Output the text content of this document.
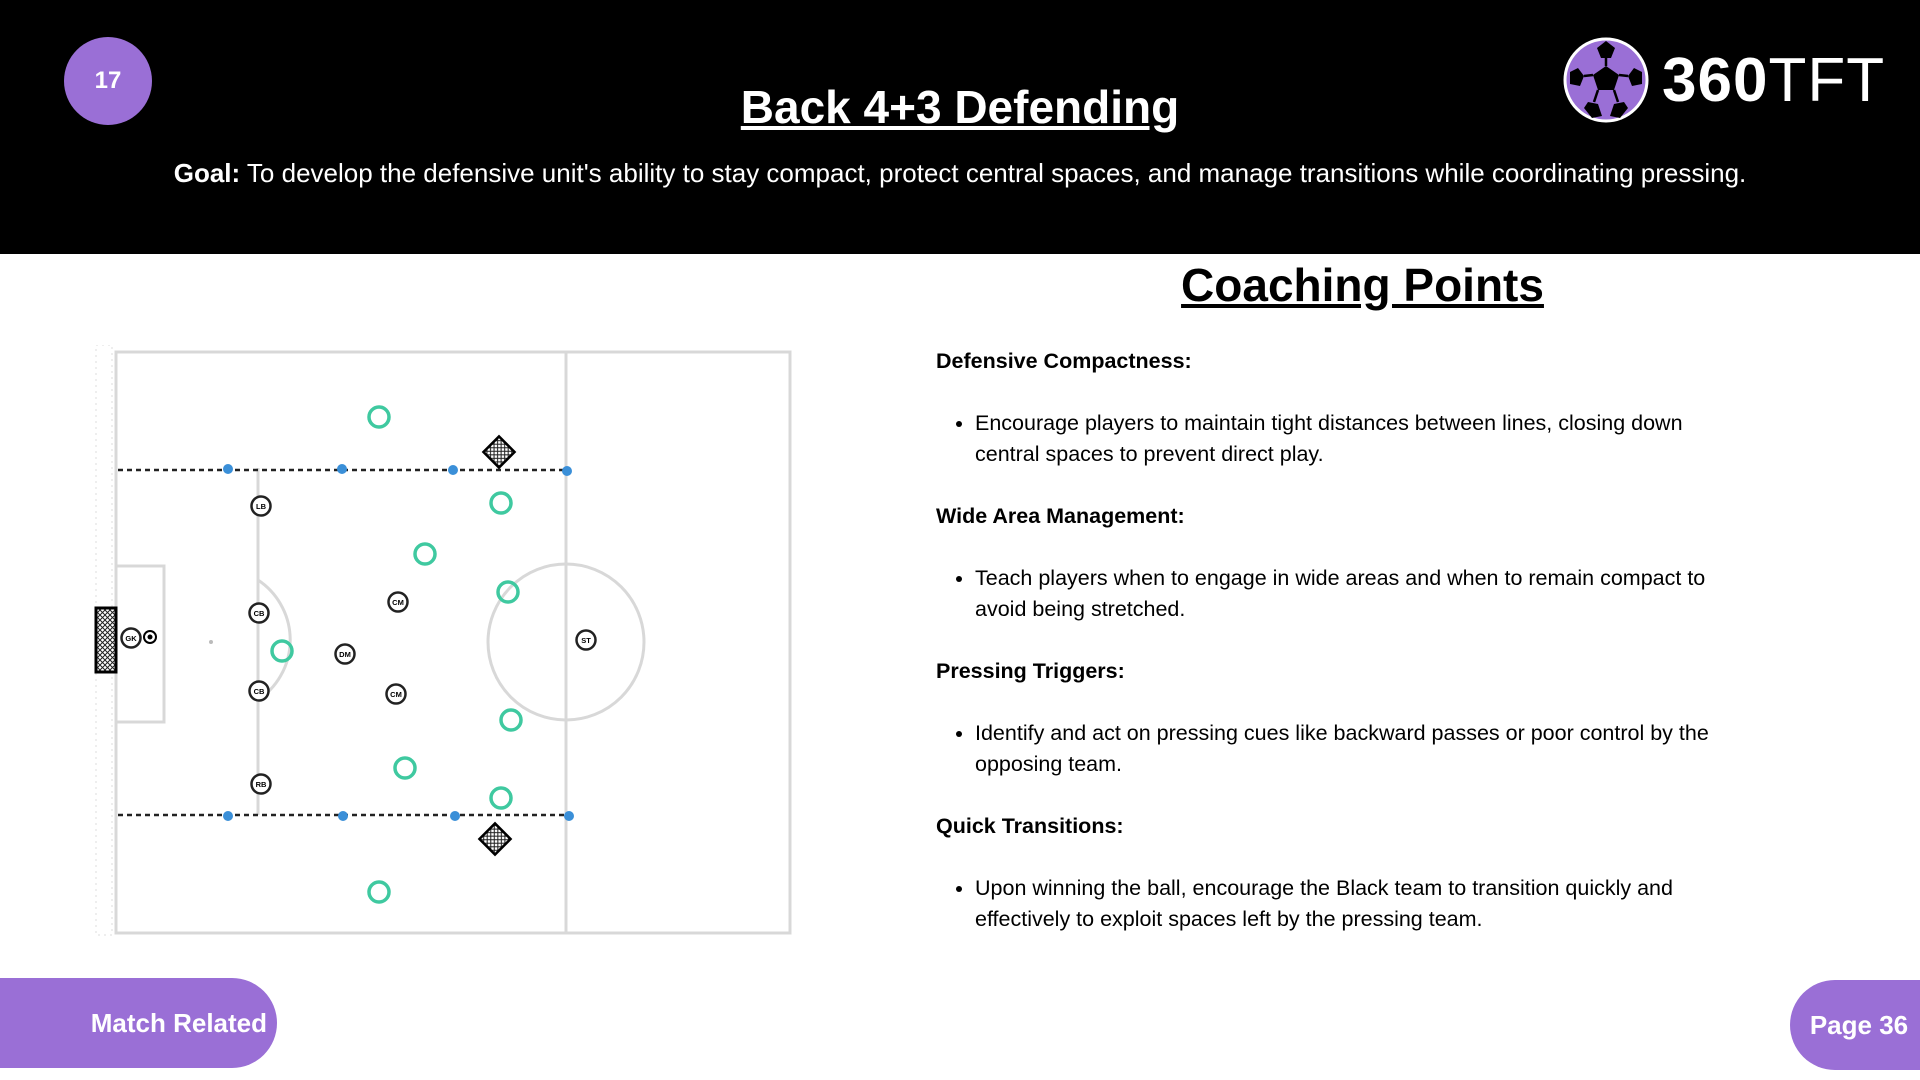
17
Back 4+3 Defending
Goal: To develop the defensive unit's ability to stay compact, protect central spaces, and manage transitions while coordinating pressing.
360TFT
GK
LB
CB
CB
RB
DM
CM
CM
ST
Coaching Points

Defensive Compactness:

• Encourage players to maintain tight distances between lines, closing down central spaces to prevent direct play.

Wide Area Management:

• Teach players when to engage in wide areas and when to remain compact to avoid being stretched.

Pressing Triggers:

• Identify and act on pressing cues like backward passes or poor control by the opposing team.

Quick Transitions:

• Upon winning the ball, encourage the Black team to transition quickly and effectively to exploit spaces left by the pressing team.
Match Related	Page 36
